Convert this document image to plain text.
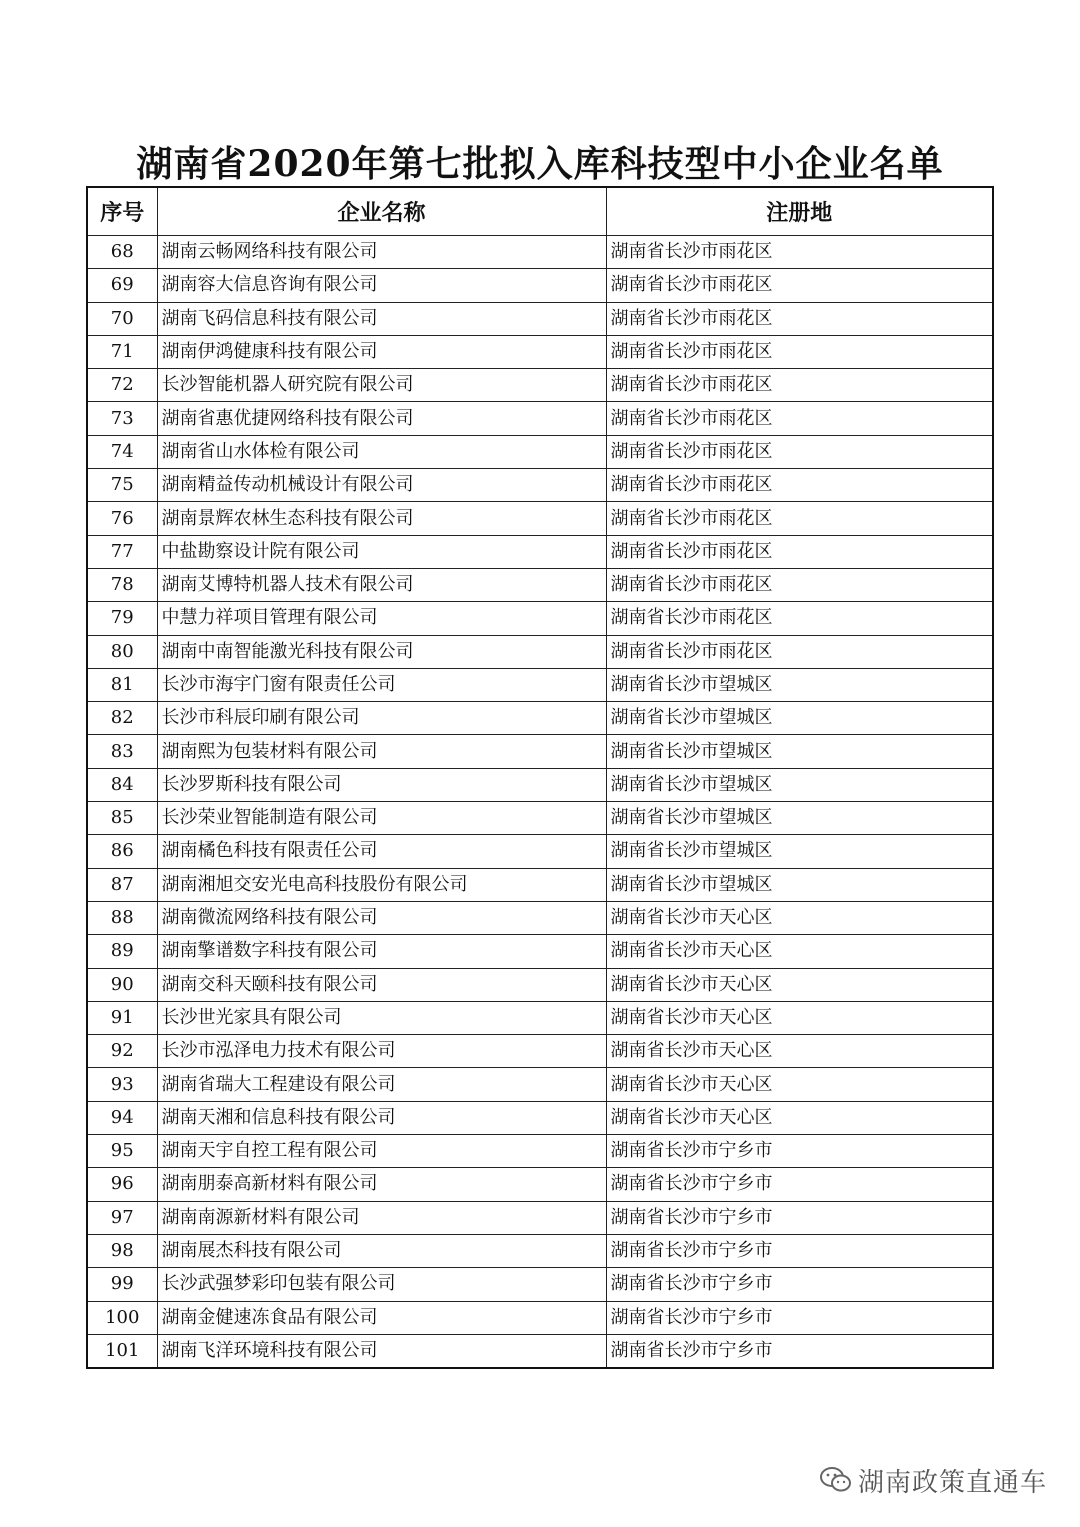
湖南省2020年第七批拟入库科技型中小企业名单
序号	企业名称	注册地
68	湖南云畅网络科技有限公司	湖南省长沙市雨花区
69	湖南容大信息咨询有限公司	湖南省长沙市雨花区
70	湖南飞码信息科技有限公司	湖南省长沙市雨花区
71	湖南伊鸿健康科技有限公司	湖南省长沙市雨花区
72	长沙智能机器人研究院有限公司	湖南省长沙市雨花区
73	湖南省惠优捷网络科技有限公司	湖南省长沙市雨花区
74	湖南省山水体检有限公司	湖南省长沙市雨花区
75	湖南精益传动机械设计有限公司	湖南省长沙市雨花区
76	湖南景辉农林生态科技有限公司	湖南省长沙市雨花区
77	中盐勘察设计院有限公司	湖南省长沙市雨花区
78	湖南艾博特机器人技术有限公司	湖南省长沙市雨花区
79	中慧力祥项目管理有限公司	湖南省长沙市雨花区
80	湖南中南智能激光科技有限公司	湖南省长沙市雨花区
81	长沙市海宇门窗有限责任公司	湖南省长沙市望城区
82	长沙市科辰印刷有限公司	湖南省长沙市望城区
83	湖南熙为包装材料有限公司	湖南省长沙市望城区
84	长沙罗斯科技有限公司	湖南省长沙市望城区
85	长沙荣业智能制造有限公司	湖南省长沙市望城区
86	湖南橘色科技有限责任公司	湖南省长沙市望城区
87	湖南湘旭交安光电高科技股份有限公司	湖南省长沙市望城区
88	湖南微流网络科技有限公司	湖南省长沙市天心区
89	湖南擎谱数字科技有限公司	湖南省长沙市天心区
90	湖南交科天颐科技有限公司	湖南省长沙市天心区
91	长沙世光家具有限公司	湖南省长沙市天心区
92	长沙市泓泽电力技术有限公司	湖南省长沙市天心区
93	湖南省瑞大工程建设有限公司	湖南省长沙市天心区
94	湖南天湘和信息科技有限公司	湖南省长沙市天心区
95	湖南天宇自控工程有限公司	湖南省长沙市宁乡市
96	湖南朋泰高新材料有限公司	湖南省长沙市宁乡市
97	湖南南源新材料有限公司	湖南省长沙市宁乡市
98	湖南展杰科技有限公司	湖南省长沙市宁乡市
99	长沙武强梦彩印包装有限公司	湖南省长沙市宁乡市
100	湖南金健速冻食品有限公司	湖南省长沙市宁乡市
101	湖南飞洋环境科技有限公司	湖南省长沙市宁乡市
湖南政策直通车
